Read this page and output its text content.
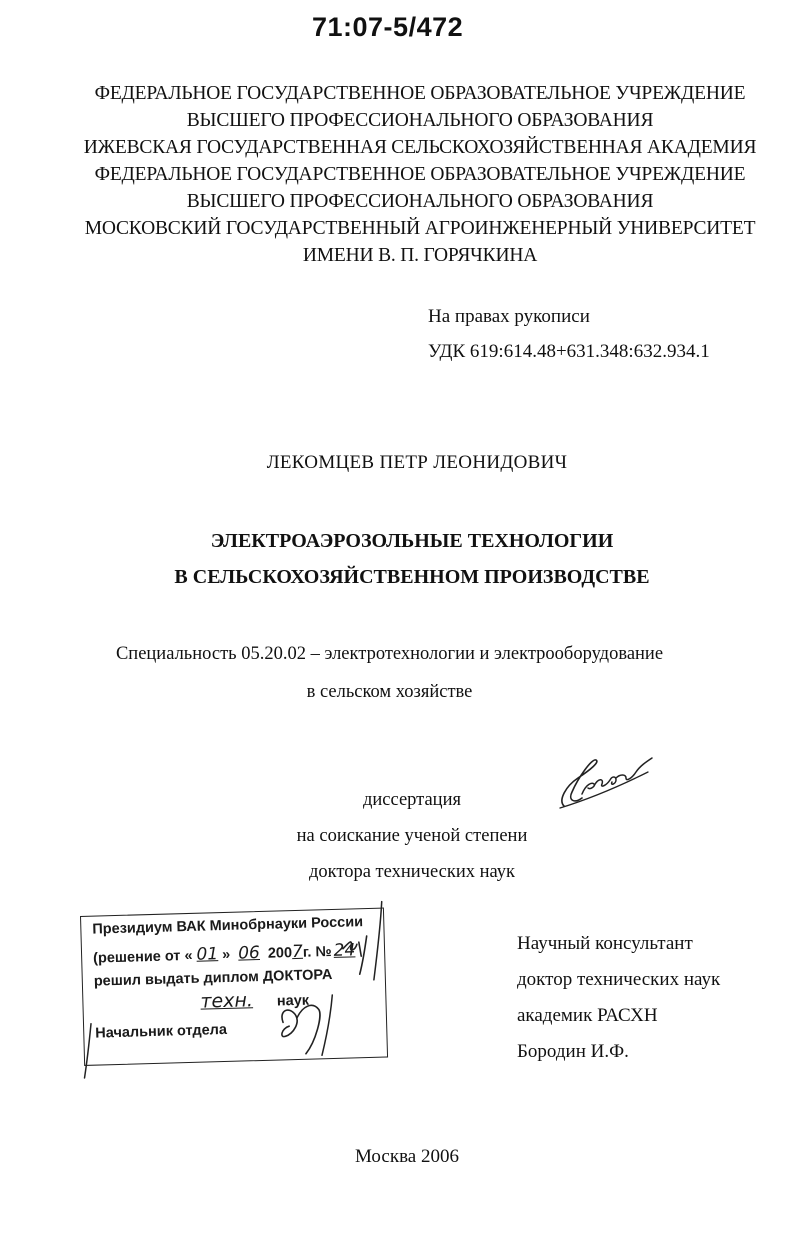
71:07-5/472
ФЕДЕРАЛЬНОЕ ГОСУДАРСТВЕННОЕ ОБРАЗОВАТЕЛЬНОЕ УЧРЕЖДЕНИЕ
ВЫСШЕГО ПРОФЕССИОНАЛЬНОГО ОБРАЗОВАНИЯ
ИЖЕВСКАЯ ГОСУДАРСТВЕННАЯ СЕЛЬСКОХОЗЯЙСТВЕННАЯ АКАДЕМИЯ
ФЕДЕРАЛЬНОЕ ГОСУДАРСТВЕННОЕ ОБРАЗОВАТЕЛЬНОЕ УЧРЕЖДЕНИЕ
ВЫСШЕГО ПРОФЕССИОНАЛЬНОГО ОБРАЗОВАНИЯ
МОСКОВСКИЙ ГОСУДАРСТВЕННЫЙ АГРОИНЖЕНЕРНЫЙ УНИВЕРСИТЕТ
ИМЕНИ В. П. ГОРЯЧКИНА
На правах рукописи
УДК 619:614.48+631.348:632.934.1
ЛЕКОМЦЕВ ПЕТР ЛЕОНИДОВИЧ
ЭЛЕКТРОАЭРОЗОЛЬНЫЕ ТЕХНОЛОГИИ
В СЕЛЬСКОХОЗЯЙСТВЕННОМ ПРОИЗВОДСТВЕ
Специальность 05.20.02 – электротехнологии и электрооборудование
в сельском хозяйстве
диссертация
на соискание ученой степени
доктора технических наук
Президиум ВАК Минобрнауки России
(решение от « 01 » 06 2007г. №24
решил выдать диплом ДОКТОРА
техн. наук
Начальник отдела
Научный консультант
доктор технических наук
академик РАСХН
Бородин И.Ф.
Москва 2006
